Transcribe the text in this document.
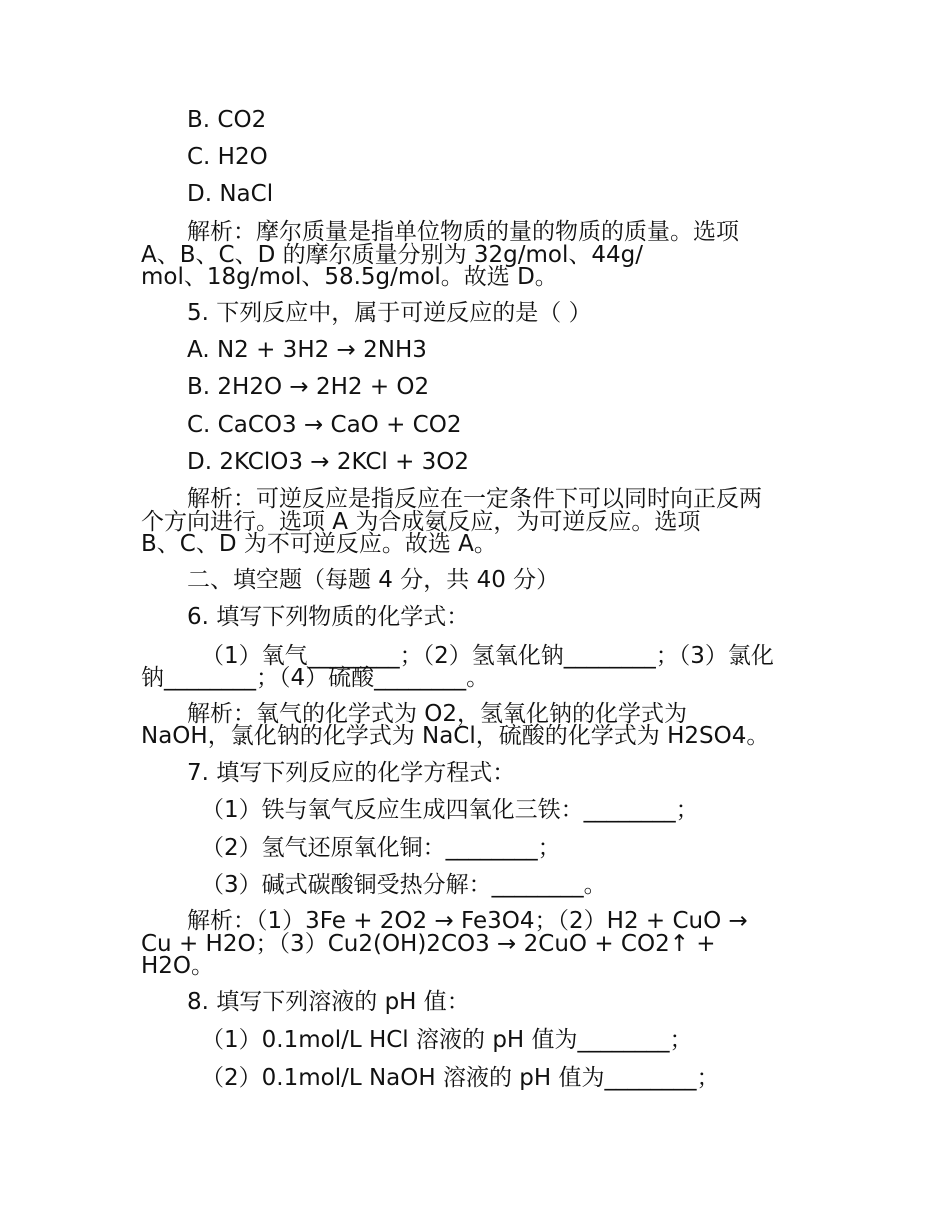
B. CO2
C. H2O
D. NaCl
解析：摩尔质量是指单位物质的量的物质的质量。选项
A、B、C、D 的摩尔质量分别为 32g/mol、44g/
mol、18g/mol、58.5g/mol。故选 D。
5. 下列反应中，属于可逆反应的是（ ）
A. N2 + 3H2 → 2NH3
B. 2H2O → 2H2 + O2
C. CaCO3 → CaO + CO2
D. 2KClO3 → 2KCl + 3O2
解析：可逆反应是指反应在一定条件下可以同时向正反两
个方向进行。选项 A 为合成氨反应，为可逆反应。选项
B、C、D 为不可逆反应。故选 A。
二、填空题（每题 4 分，共 40 分）
6. 填写下列物质的化学式：
（1）氧气________；（2）氢氧化钠________；（3）氯化
钠________；（4）硫酸________。
解析：氧气的化学式为 O2，氢氧化钠的化学式为
NaOH，氯化钠的化学式为 NaCl，硫酸的化学式为 H2SO4。
7. 填写下列反应的化学方程式：
（1）铁与氧气反应生成四氧化三铁：________；
（2）氢气还原氧化铜：________；
（3）碱式碳酸铜受热分解：________。
解析：（1）3Fe + 2O2 → Fe3O4；（2）H2 + CuO →
Cu + H2O；（3）Cu2(OH)2CO3 → 2CuO + CO2↑ +
H2O。
8. 填写下列溶液的 pH 值：
（1）0.1mol/L HCl 溶液的 pH 值为________；
（2）0.1mol/L NaOH 溶液的 pH 值为________；
